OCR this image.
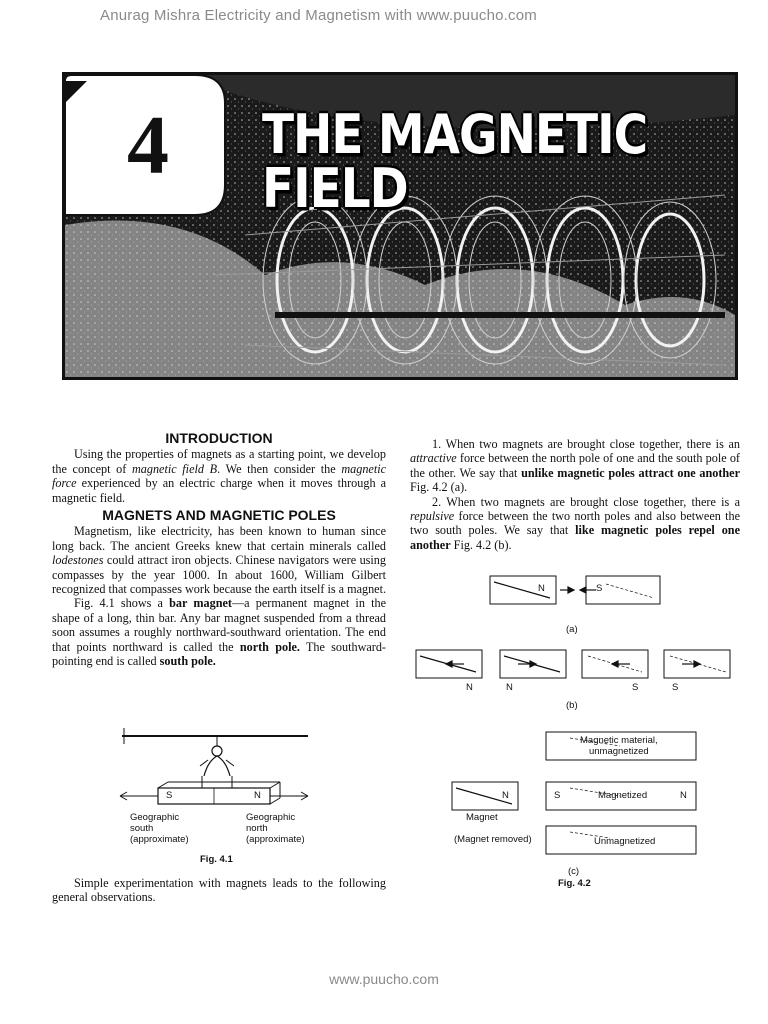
Anurag Mishra Electricity and Magnetism with www.puucho.com
4 THE MAGNETIC FIELD
INTRODUCTION

Using the properties of magnets as a starting point, we develop the concept of magnetic field B. We then consider the magnetic force experienced by an electric charge when it moves through a magnetic field.

MAGNETS AND MAGNETIC POLES

Magnetism, like electricity, has been known to human since long back. The ancient Greeks knew that certain minerals called lodestones could attract iron objects. Chinese navigators were using compasses by the year 1000. In about 1600, William Gilbert recognized that compasses work because the earth itself is a magnet.

Fig. 4.1 shows a bar magnet—a permanent magnet in the shape of a long, thin bar. Any bar magnet suspended from a thread soon assumes a roughly northward-southward orientation. The end that points northward is called the north pole. The southward-pointing end is called south pole.

S	N
Geographic
south
(approximate)
Geographic
north
(approximate)
Fig. 4.1

Simple experimentation with magnets leads to the following general observations.

1. When two magnets are brought close together, there is an attractive force between the north pole of one and the south pole of the other. We say that unlike magnetic poles attract one another Fig. 4.2 (a).

2. When two magnets are brought close together, there is a repulsive force between the two north poles and also between the two south poles. We say that like magnetic poles repel one another Fig. 4.2 (b).

N	S
(a)
N	N	S	S
(b)
Magnetic material,
unmagnetized
N
Magnet
S	Magnetized	N
(Magnet removed)	Unmagnetized
(c)
Fig. 4.2
www.puucho.com
